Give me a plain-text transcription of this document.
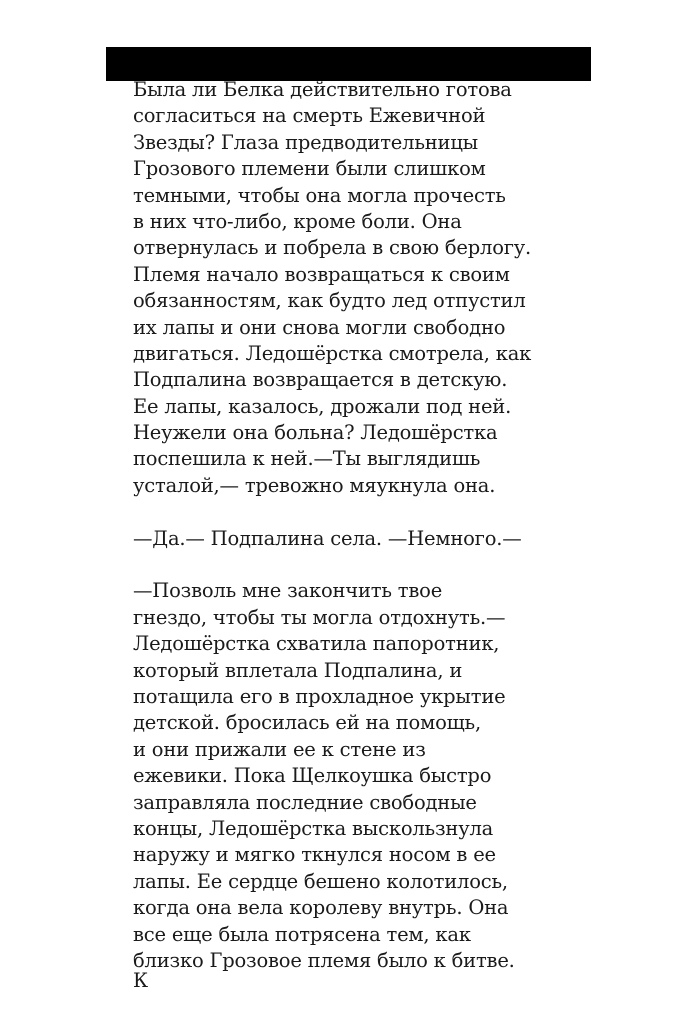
Была ли Белка действительно готова
согласиться на смерть Ежевичной
Звезды? Глаза предводительницы
Грозового племени были слишком
темными, чтобы она могла прочесть
в них что-либо, кроме боли. Она
отвернулась и побрела в свою берлогу.
Племя начало возвращаться к своим
обязанностям, как будто лед отпустил
их лапы и они снова могли свободно
двигаться. Ледошёрстка смотрела, как
Подпалина возвращается в детскую.
Ее лапы, казалось, дрожали под ней.
Неужели она больна? Ледошёрстка
поспешила к ней.—Ты выглядишь
усталой,— тревожно мяукнула она.
—Да.— Подпалина села. —Немного.—
—Позволь мне закончить твое
гнездо, чтобы ты могла отдохнуть.—
Ледошёрстка схватила папоротник,
который вплетала Подпалина, и
потащила его в прохладное укрытие
детской. бросилась ей на помощь,
и они прижали ее к стене из
ежевики. Пока Щелкоушка быстро
заправляла последние свободные
концы, Ледошёрстка выскользнула
наружу и мягко ткнулся носом в ее
лапы. Ее сердце бешено колотилось,
когда она вела королеву внутрь. Она
все еще была потрясена тем, как
близко Грозовое племя было к битве.
К
